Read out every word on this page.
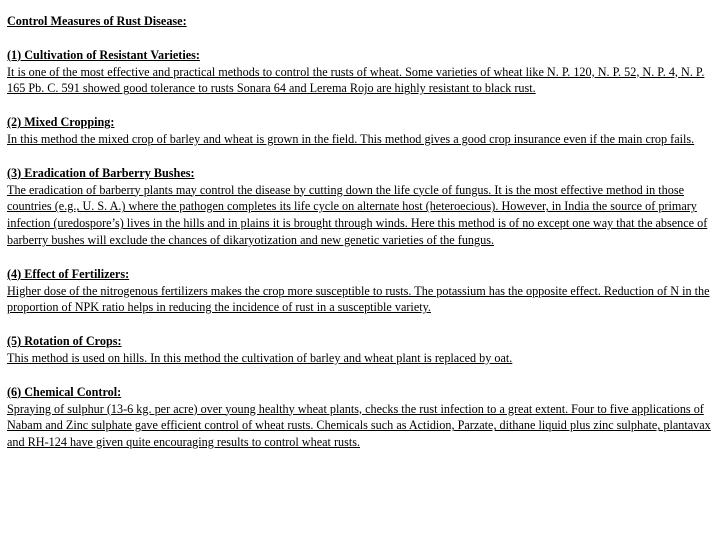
Control Measures of Rust Disease:
(1) Cultivation of Resistant Varieties:
It is one of the most effective and practical methods to control the rusts of wheat. Some varieties of wheat like N. P. 120, N. P. 52, N. P. 4, N. P. 165 Pb. C. 591 showed good tolerance to rusts Sonara 64 and Lerema Rojo are highly resistant to black rust.
(2) Mixed Cropping:
In this method the mixed crop of barley and wheat is grown in the field. This method gives a good crop insurance even if the main crop fails.
(3) Eradication of Barberry Bushes:
The eradication of barberry plants may control the disease by cutting down the life cycle of fungus. It is the most effective method in those countries (e.g., U. S. A.) where the pathogen completes its life cycle on alternate host (heteroecious). However, in India the source of primary infection (uredospore’s) lives in the hills and in plains it is brought through winds. Here this method is of no except one way that the absence of barberry bushes will exclude the chances of dikaryotization and new genetic varieties of the fungus.
(4) Effect of Fertilizers:
Higher dose of the nitrogenous fertilizers makes the crop more susceptible to rusts. The potassium has the opposite effect. Reduction of N in the proportion of NPK ratio helps in reducing the incidence of rust in a susceptible variety.
(5) Rotation of Crops:
This method is used on hills. In this method the cultivation of barley and wheat plant is replaced by oat.
(6) Chemical Control:
Spraying of sulphur (13-6 kg. per acre) over young healthy wheat plants, checks the rust infection to a great extent. Four to five applications of Nabam and Zinc sulphate gave efficient control of wheat rusts. Chemicals such as Actidion, Parzate, dithane liquid plus zinc sulphate, plantavax and RH-124 have given quite encouraging results to control wheat rusts.
